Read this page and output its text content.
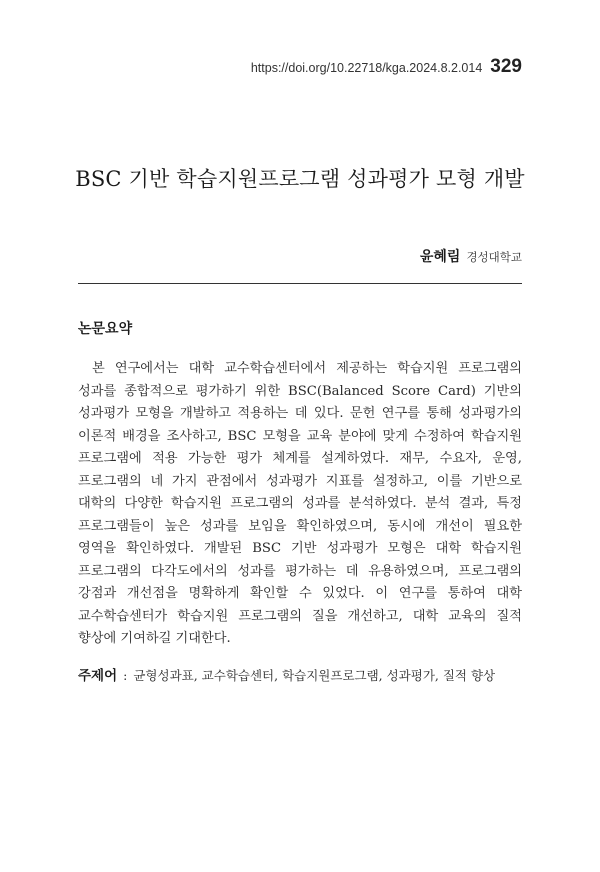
https://doi.org/10.22718/kga.2024.8.2.014 329
BSC 기반 학습지원프로그램 성과평가 모형 개발
윤혜림 경성대학교
논문요약

본 연구에서는 대학 교수학습센터에서 제공하는 학습지원 프로그램의 성과를 종합적으로 평가하기 위한 BSC(Balanced Score Card) 기반의 성과평가 모형을 개발하고 적용하는 데 있다. 문헌 연구를 통해 성과평가의 이론적 배경을 조사하고, BSC 모형을 교육 분야에 맞게 수정하여 학습지원 프로그램에 적용 가능한 평가 체계를 설계하였다. 재무, 수요자, 운영, 프로그램의 네 가지 관점에서 성과평가 지표를 설정하고, 이를 기반으로 대학의 다양한 학습지원 프로그램의 성과를 분석하였다. 분석 결과, 특정 프로그램들이 높은 성과를 보임을 확인하였으며, 동시에 개선이 필요한 영역을 확인하였다. 개발된 BSC 기반 성과평가 모형은 대학 학습지원 프로그램의 다각도에서의 성과를 평가하는 데 유용하였으며, 프로그램의 강점과 개선점을 명확하게 확인할 수 있었다. 이 연구를 통하여 대학 교수학습센터가 학습지원 프로그램의 질을 개선하고, 대학 교육의 질적 향상에 기여하길 기대한다.

주제어 : 균형성과표, 교수학습센터, 학습지원프로그램, 성과평가, 질적 향상
